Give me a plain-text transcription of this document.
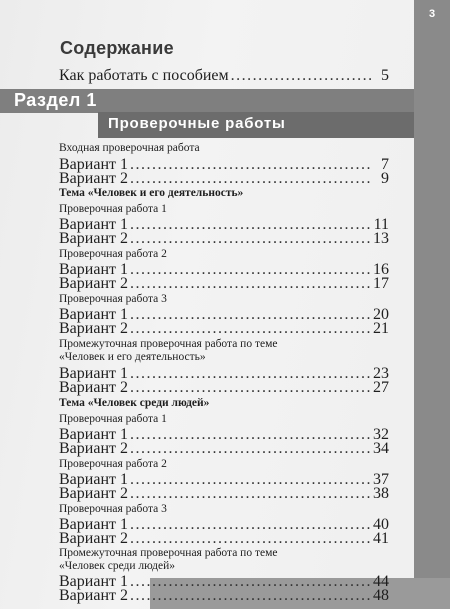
3
Содержание
Как работать с пособием .....	5
Раздел 1
Проверочные работы
Входная проверочная работа
Вариант 1 .....	7
Вариант 2 .....	9
Тема «Человек и его деятельность»
Проверочная работа 1
Вариант 1 .....	11
Вариант 2 .....	13
Проверочная работа 2
Вариант 1 .....	16
Вариант 2 .....	17
Проверочная работа 3
Вариант 1 .....	20
Вариант 2 .....	21
Промежуточная проверочная работа по теме
«Человек и его деятельность»
Вариант 1 .....	23
Вариант 2 .....	27
Тема «Человек среди людей»
Проверочная работа 1
Вариант 1 .....	32
Вариант 2 .....	34
Проверочная работа 2
Вариант 1 .....	37
Вариант 2 .....	38
Проверочная работа 3
Вариант 1 .....	40
Вариант 2 .....	41
Промежуточная проверочная работа по теме
«Человек среди людей»
Вариант 1 .....	44
Вариант 2 .....	48
